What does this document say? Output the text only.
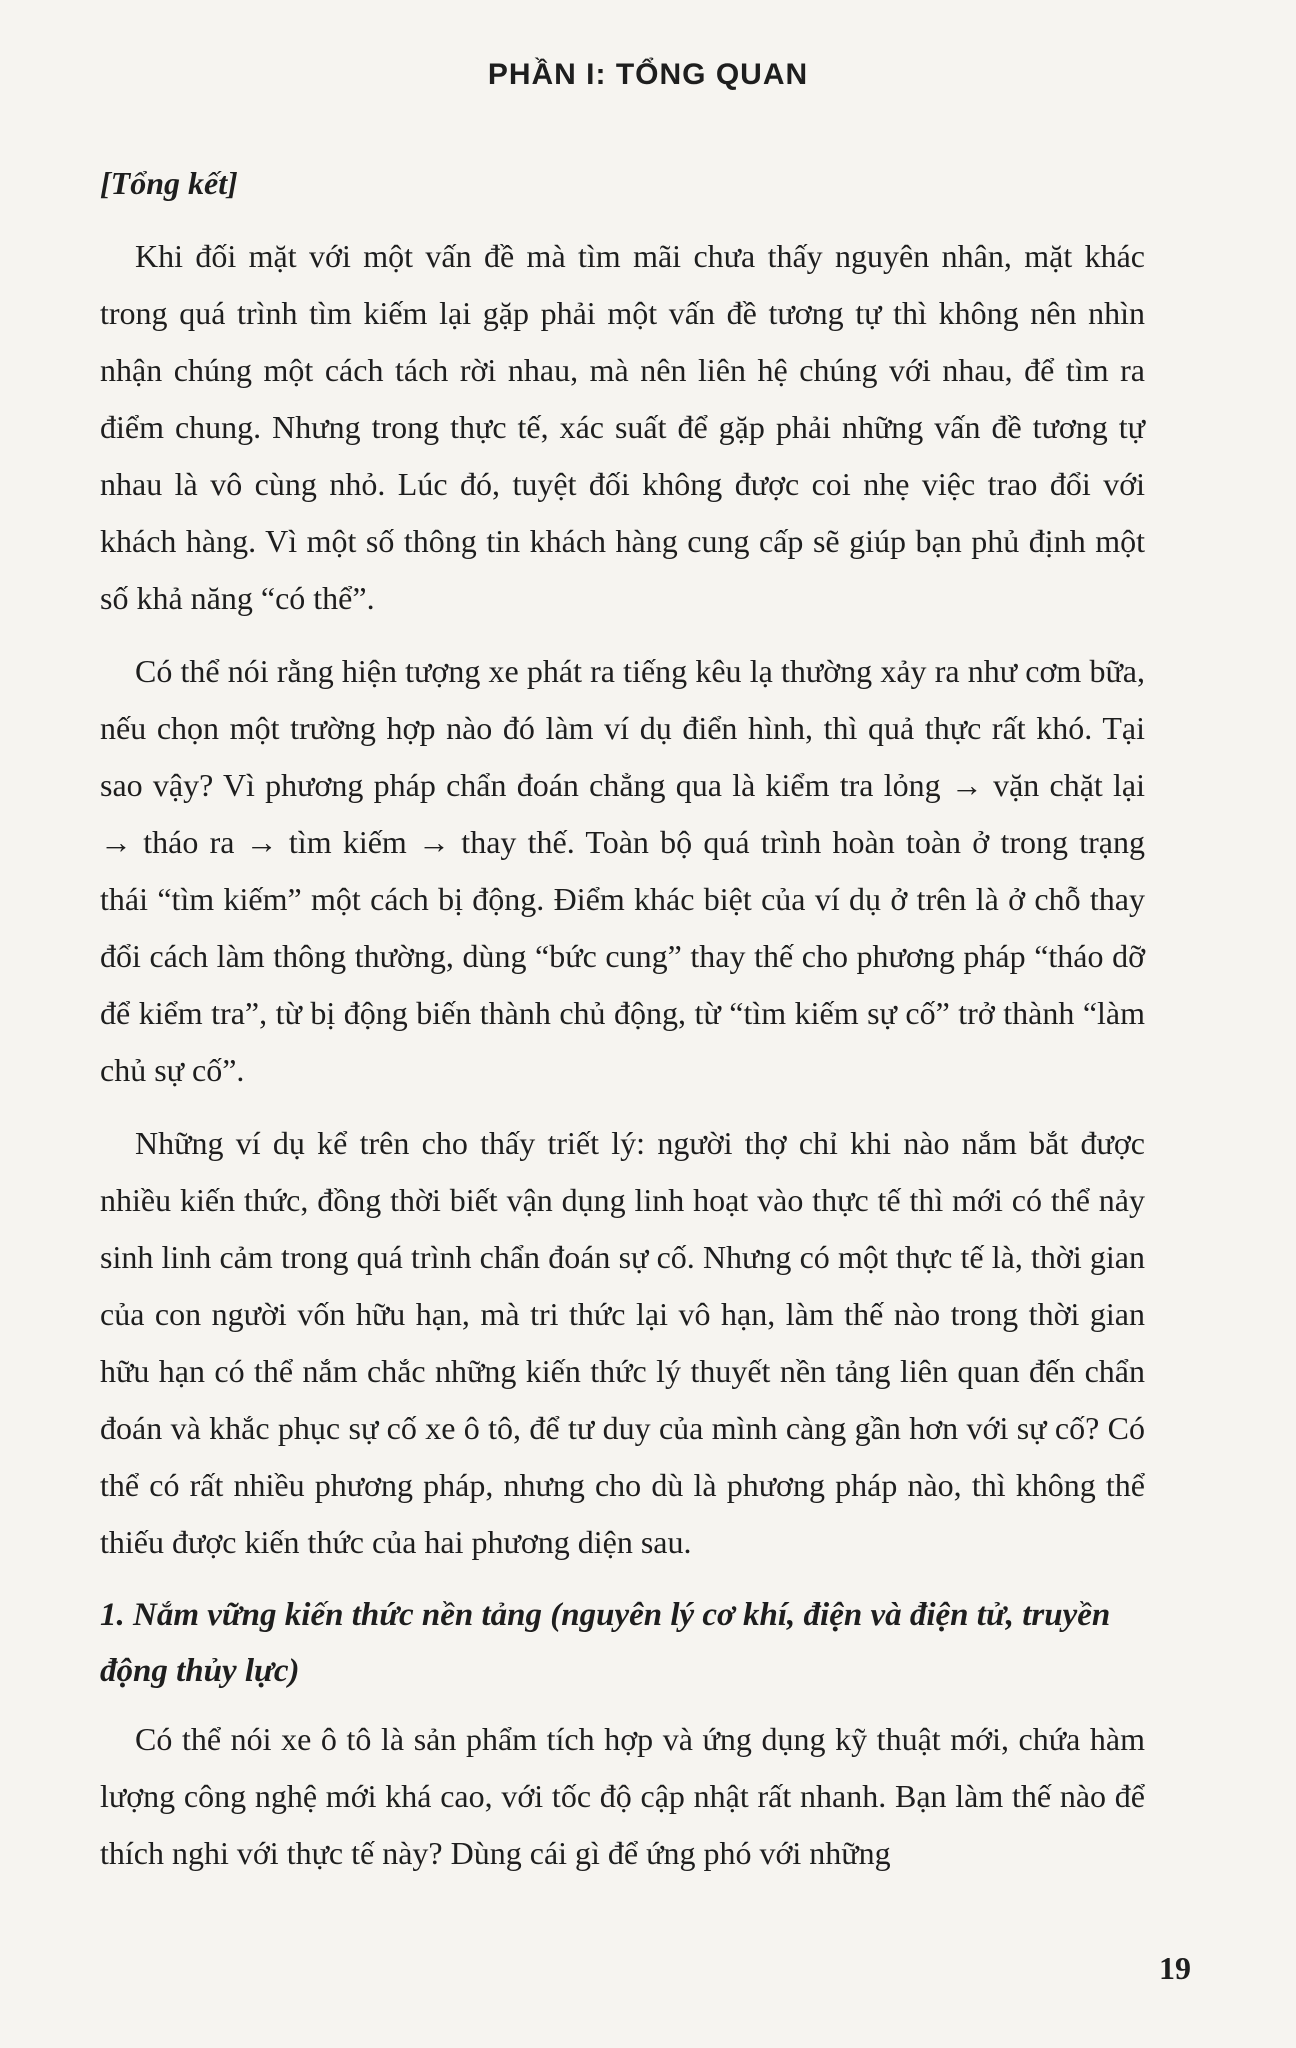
PHẦN I: TỔNG QUAN
[Tổng kết]

Khi đối mặt với một vấn đề mà tìm mãi chưa thấy nguyên nhân, mặt khác trong quá trình tìm kiếm lại gặp phải một vấn đề tương tự thì không nên nhìn nhận chúng một cách tách rời nhau, mà nên liên hệ chúng với nhau, để tìm ra điểm chung. Nhưng trong thực tế, xác suất để gặp phải những vấn đề tương tự nhau là vô cùng nhỏ. Lúc đó, tuyệt đối không được coi nhẹ việc trao đổi với khách hàng. Vì một số thông tin khách hàng cung cấp sẽ giúp bạn phủ định một số khả năng “có thể”.

Có thể nói rằng hiện tượng xe phát ra tiếng kêu lạ thường xảy ra như cơm bữa, nếu chọn một trường hợp nào đó làm ví dụ điển hình, thì quả thực rất khó. Tại sao vậy? Vì phương pháp chẩn đoán chẳng qua là kiểm tra lỏng → vặn chặt lại → tháo ra → tìm kiếm → thay thế. Toàn bộ quá trình hoàn toàn ở trong trạng thái “tìm kiếm” một cách bị động. Điểm khác biệt của ví dụ ở trên là ở chỗ thay đổi cách làm thông thường, dùng “bức cung” thay thế cho phương pháp “tháo dỡ để kiểm tra”, từ bị động biến thành chủ động, từ “tìm kiếm sự cố” trở thành “làm chủ sự cố”.

Những ví dụ kể trên cho thấy triết lý: người thợ chỉ khi nào nắm bắt được nhiều kiến thức, đồng thời biết vận dụng linh hoạt vào thực tế thì mới có thể nảy sinh linh cảm trong quá trình chẩn đoán sự cố. Nhưng có một thực tế là, thời gian của con người vốn hữu hạn, mà tri thức lại vô hạn, làm thế nào trong thời gian hữu hạn có thể nắm chắc những kiến thức lý thuyết nền tảng liên quan đến chẩn đoán và khắc phục sự cố xe ô tô, để tư duy của mình càng gần hơn với sự cố? Có thể có rất nhiều phương pháp, nhưng cho dù là phương pháp nào, thì không thể thiếu được kiến thức của hai phương diện sau.

1. Nắm vững kiến thức nền tảng (nguyên lý cơ khí, điện và điện tử, truyền động thủy lực)

Có thể nói xe ô tô là sản phẩm tích hợp và ứng dụng kỹ thuật mới, chứa hàm lượng công nghệ mới khá cao, với tốc độ cập nhật rất nhanh. Bạn làm thế nào để thích nghi với thực tế này? Dùng cái gì để ứng phó với những

19
